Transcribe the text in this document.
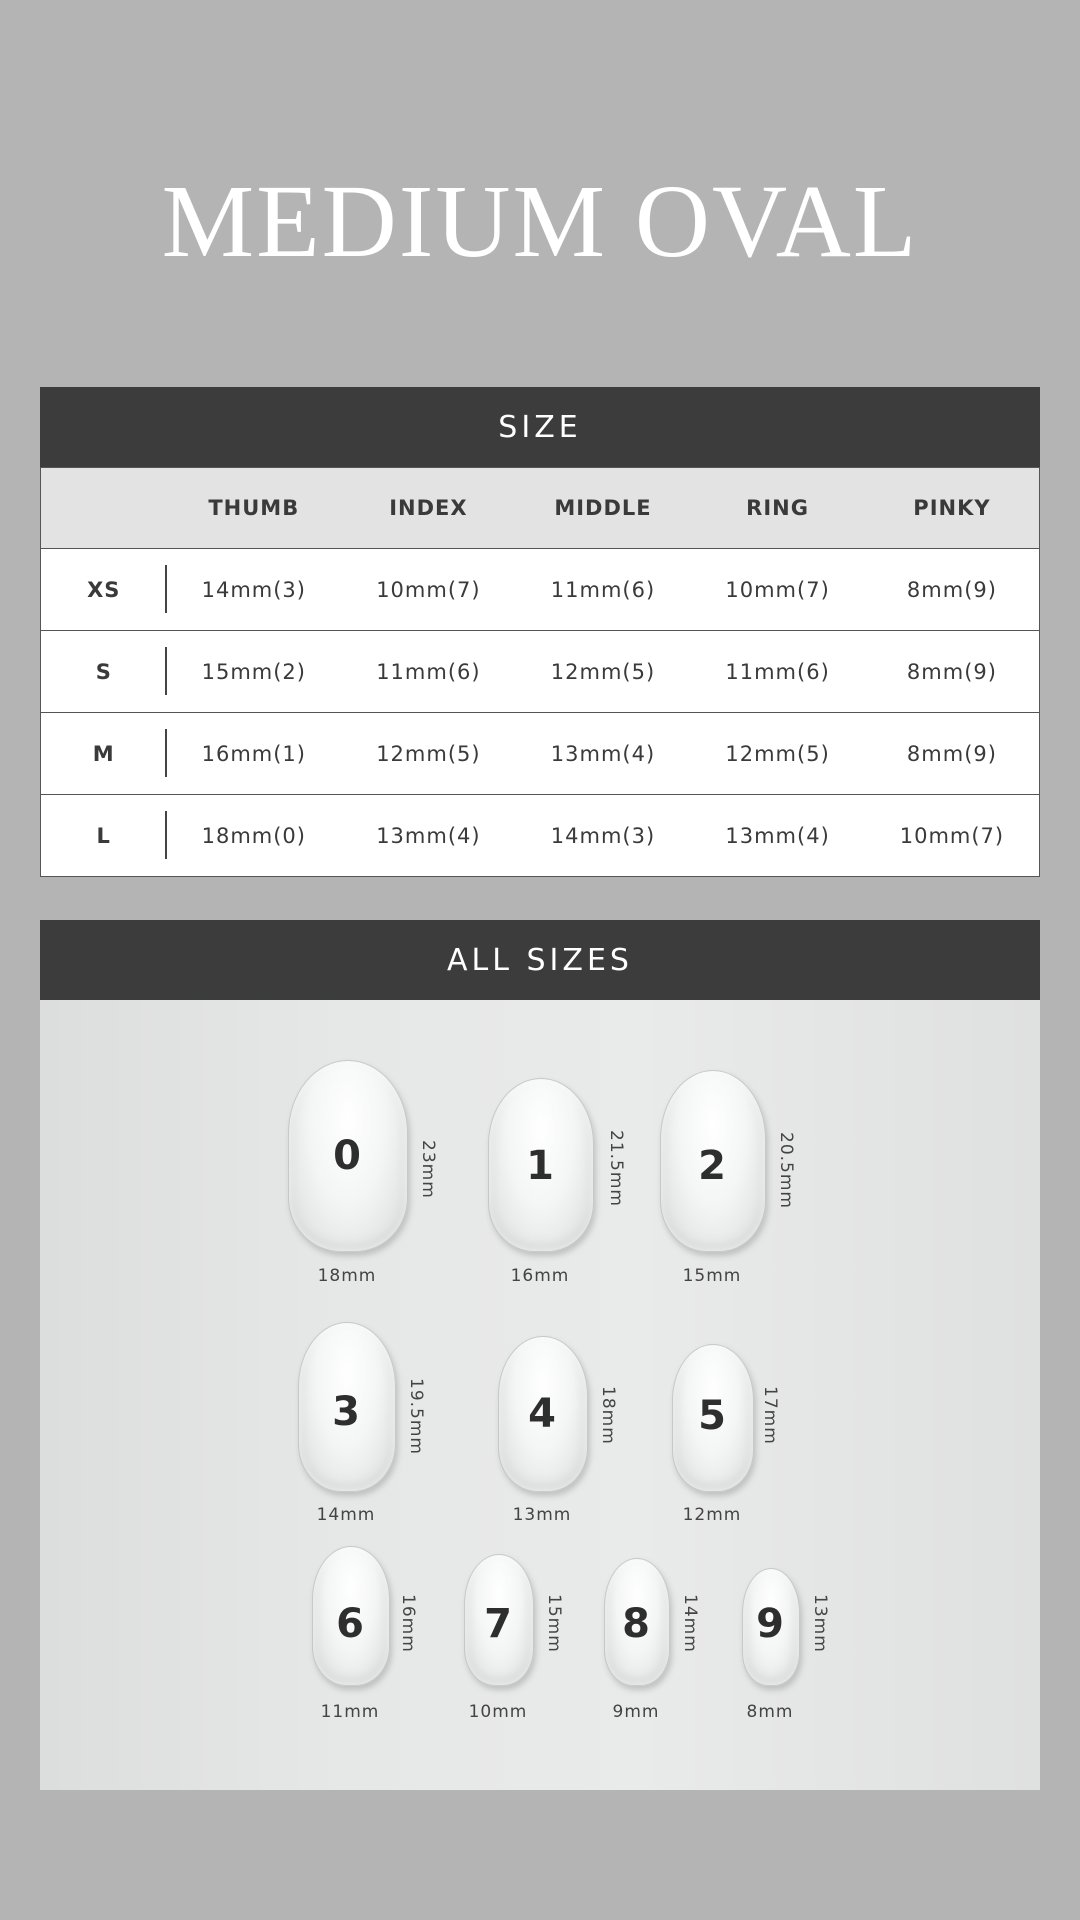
MEDIUM OVAL
SIZE
	THUMB	INDEX	MIDDLE	RING	PINKY
XS	14mm(3)	10mm(7)	11mm(6)	10mm(7)	8mm(9)
S	15mm(2)	11mm(6)	12mm(5)	11mm(6)	8mm(9)
M	16mm(1)	12mm(5)	13mm(4)	12mm(5)	8mm(9)
L	18mm(0)	13mm(4)	14mm(3)	13mm(4)	10mm(7)
ALL SIZES
0
18mm
23mm	1
16mm
21.5mm	2
15mm
20.5mm
3
14mm
19.5mm	4
13mm
18mm	5
12mm
17mm
6
11mm
16mm	7
10mm
15mm	8
9mm
14mm	9
8mm
13mm
